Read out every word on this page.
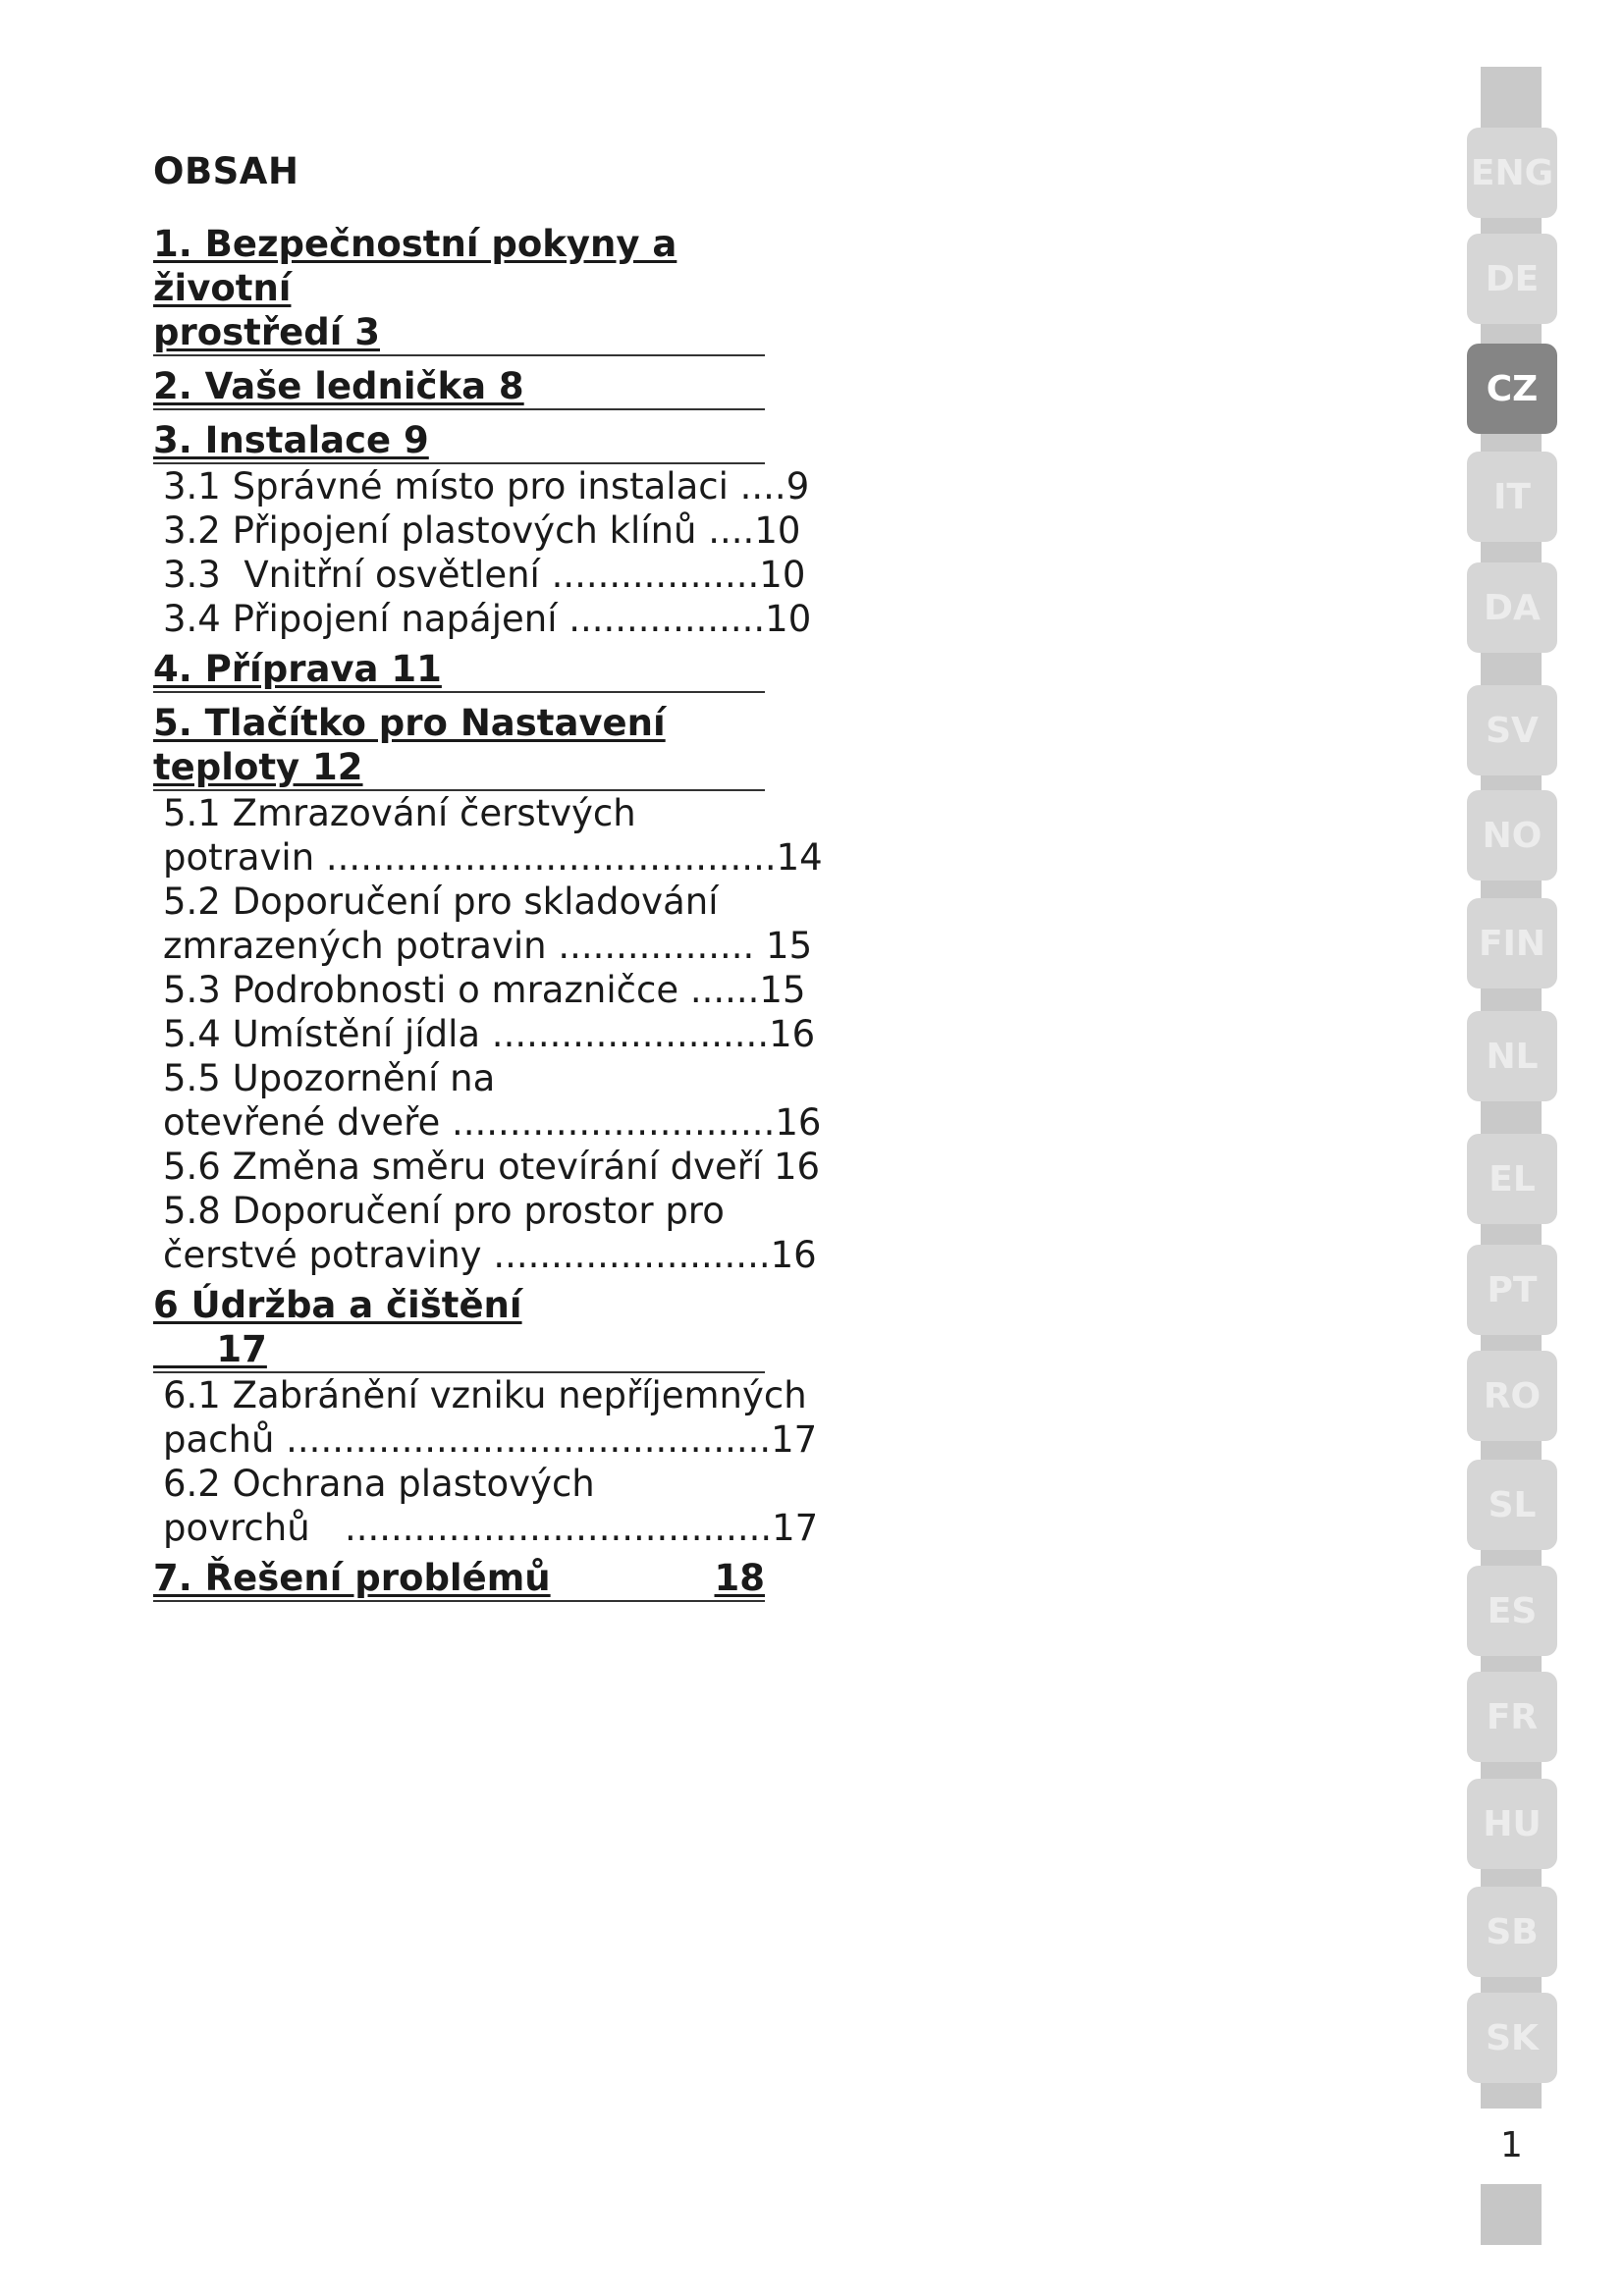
OBSAH
1. Bezpečnostní pokyny a životní
prostředí 3
2. Vaše lednička 8
3. Instalace 9
3.1 Správné místo pro instalaci ....9
3.2 Připojení plastových klínů ....10
3.3  Vnitřní osvětlení ..................10
3.4 Připojení napájení .................10
4. Příprava 11
5. Tlačítko pro Nastavení
teploty 12
5.1 Zmrazování čerstvých
potravin .......................................14
5.2 Doporučení pro skladování
zmrazených potravin ................. 15
5.3 Podrobnosti o mrazničce ......15
5.4 Umístění jídla ........................16
5.5 Upozornění na
otevřené dveře ............................16
5.6 Změna směru otevírání dveří 16
5.8 Doporučení pro prostor pro
čerstvé potraviny ........................16
6 Údržba a čištění
17
6.1 Zabránění vzniku nepříjemných
pachů ..........................................17
6.2 Ochrana plastových
povrchů   .....................................17
7. Řešení problémů	18
ENG
DE
CZ
IT
DA
SV
NO
FIN
NL
EL
PT
RO
SL
ES
FR
HU
SB
SK
1
